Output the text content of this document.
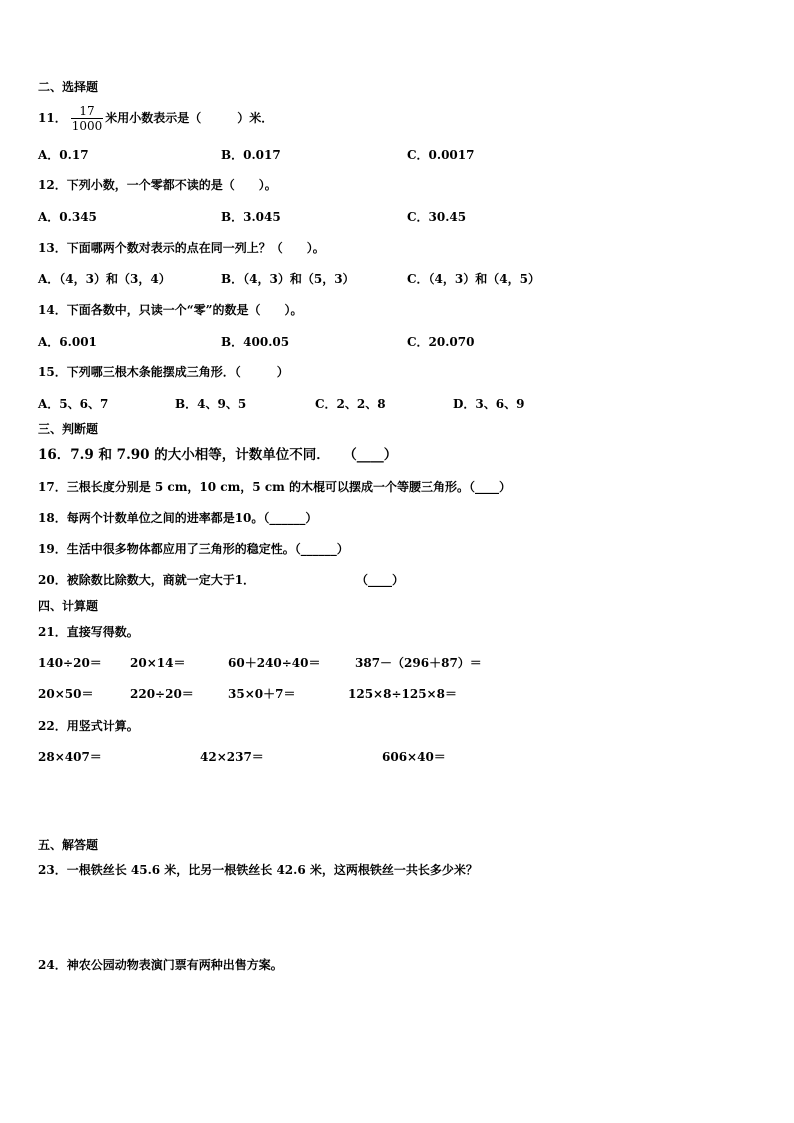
二、选择题
11． $\frac{17}{1000}$ 米用小数表示是（　　　）米．
A．0.17	B．0.017	C．0.0017
12．下列小数，一个零都不读的是（　　）。
A．0.345	B．3.045	C．30.45
13．下面哪两个数对表示的点在同一列上？（　　）。
A．（4，3）和（3，4）	B．（4，3）和（5，3）	C．（4，3）和（4，5）
14．下面各数中，只读一个“零”的数是（　　）。
A．6.001	B．400.05	C．20.070
15．下列哪三根木条能摆成三角形．（　　　）
A．5、6、7	B．4、9、5	C．2、2、8	D．3、6、9
三、判断题
16．7.9 和 7.90 的大小相等，计数单位不同．　　（____）
17．三根长度分别是 5 cm，10 cm，5 cm 的木棍可以摆成一个等腰三角形。（____）
18．每两个计数单位之间的进率都是10。（______）
19．生活中很多物体都应用了三角形的稳定性。（______）
20．被除数比除数大，商就一定大于1．	（____）
四、计算题
21．直接写得数。
140÷20＝ 20×14＝	60＋240÷40＝	387－（296＋87）＝
20×50＝	220÷20＝	35×0＋7＝	125×8÷125×8＝
22．用竖式计算。
28×407＝	42×237＝	606×40＝
五、解答题
23．一根铁丝长 45.6 米，比另一根铁丝长 42.6 米，这两根铁丝一共长多少米？
24．神农公园动物表演门票有两种出售方案。
